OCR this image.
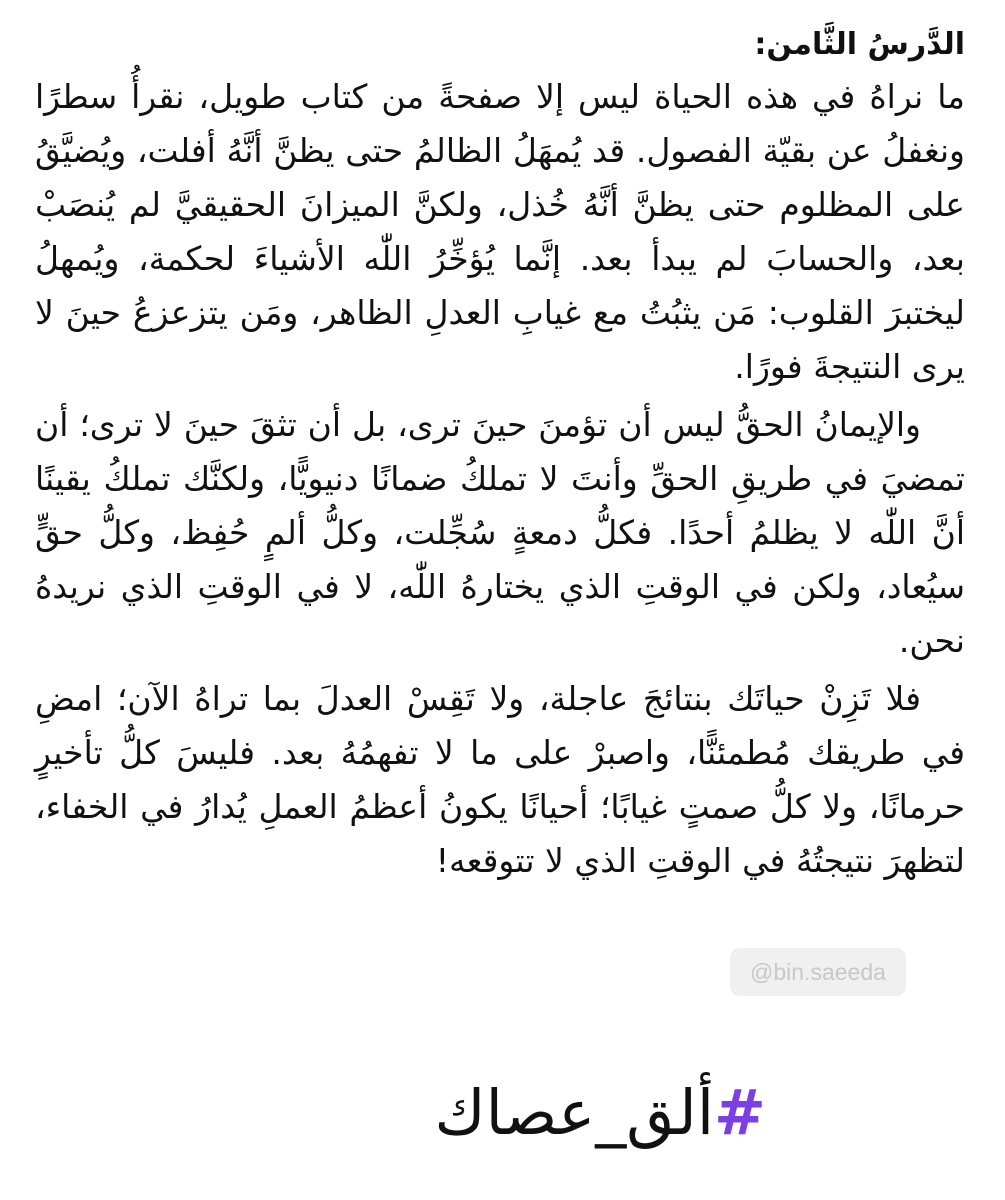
الدَّرسُ الثَّامن:

ما نراهُ في هذه الحياة ليس إلا صفحةً من كتاب طويل، نقرأُ سطرًا ونغفلُ عن بقيّة الفصول. قد يُمهَلُ الظالمُ حتى يظنَّ أنَّهُ أفلت، ويُضيَّقُ على المظلوم حتى يظنَّ أنَّهُ خُذل، ولكنَّ الميزانَ الحقيقيَّ لم يُنصَبْ بعد، والحسابَ لم يبدأ بعد. إنَّما يُؤخِّرُ اللّٰه الأشياءَ لحكمة، ويُمهلُ ليختبرَ القلوب: مَن يثبُتُ مع غيابِ العدلِ الظاهر، ومَن يتزعزعُ حينَ لا يرى النتيجةَ فورًا.

والإيمانُ الحقُّ ليس أن تؤمنَ حينَ ترى، بل أن تثقَ حينَ لا ترى؛ أن تمضيَ في طريقِ الحقِّ وأنتَ لا تملكُ ضمانًا دنيويًّا، ولكنَّك تملكُ يقينًا أنَّ اللّٰه لا يظلمُ أحدًا. فكلُّ دمعةٍ سُجِّلت، وكلُّ ألمٍ حُفِظ، وكلُّ حقٍّ سيُعاد، ولكن في الوقتِ الذي يختارهُ اللّٰه، لا في الوقتِ الذي نريدهُ نحن.

فلا تَزِنْ حياتَك بنتائجَ عاجلة، ولا تَقِسْ العدلَ بما تراهُ الآن؛ امضِ في طريقك مُطمئنًّا، واصبرْ على ما لا تفهمُهُ بعد. فليسَ كلُّ تأخيرٍ حرمانًا، ولا كلُّ صمتٍ غيابًا؛ أحيانًا يكونُ أعظمُ العملِ يُدارُ في الخفاء، لتظهرَ نتيجتُهُ في الوقتِ الذي لا تتوقعه!

@bin.saeeda
#ألق_عصاك
